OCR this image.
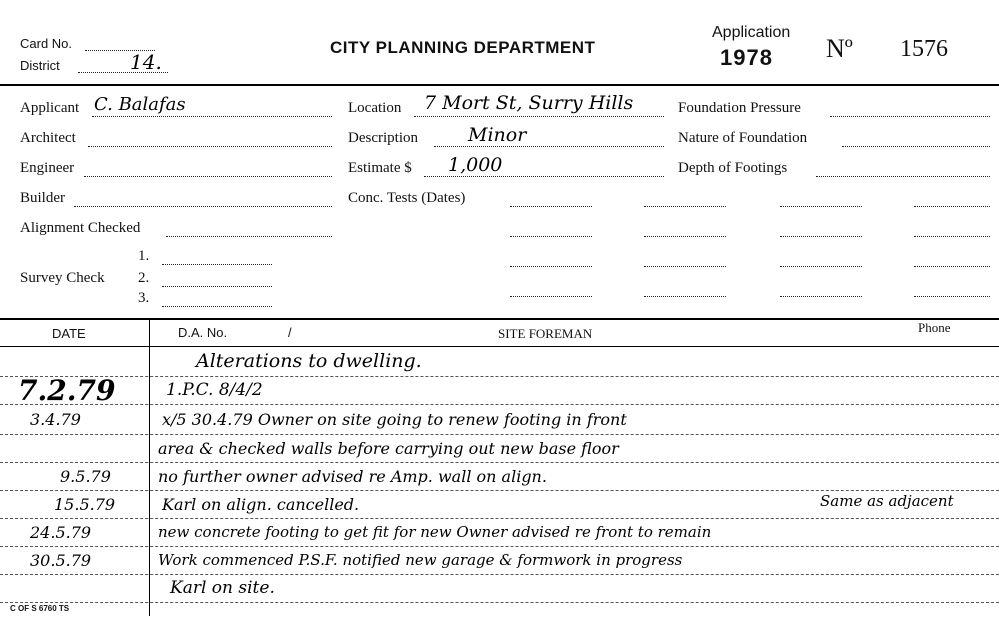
Card No.
District	14.
CITY PLANNING DEPARTMENT
Application
1978 Nº 1576
Applicant C. Balafas
Architect
Engineer
Builder
Alignment Checked
Survey Check
1.
2.
3.
Location 7 Mort St, Surry Hills
Description	Minor
Estimate $ 1,000
Conc. Tests (Dates)
Foundation Pressure
Nature of Foundation
Depth of Footings
DATE	D.A. No.	/	SITE FOREMAN	Phone
Alterations to dwelling.
7.2.79	1.P.C. 8/4/2
3.4.79	x/5 30.4.79 Owner on site going to renew footing in front
area & checked walls before carrying out new base floor
9.5.79	no further owner advised re Amp. wall on align.
15.5.79	Karl on align. cancelled.	Same as adjacent
24.5.79	new concrete footing to get fit for new Owner advised re front to remain
30.5.79	Work commenced P.S.F. notified new garage & formwork in progress
Karl on site.
C OF S 6760 TS
